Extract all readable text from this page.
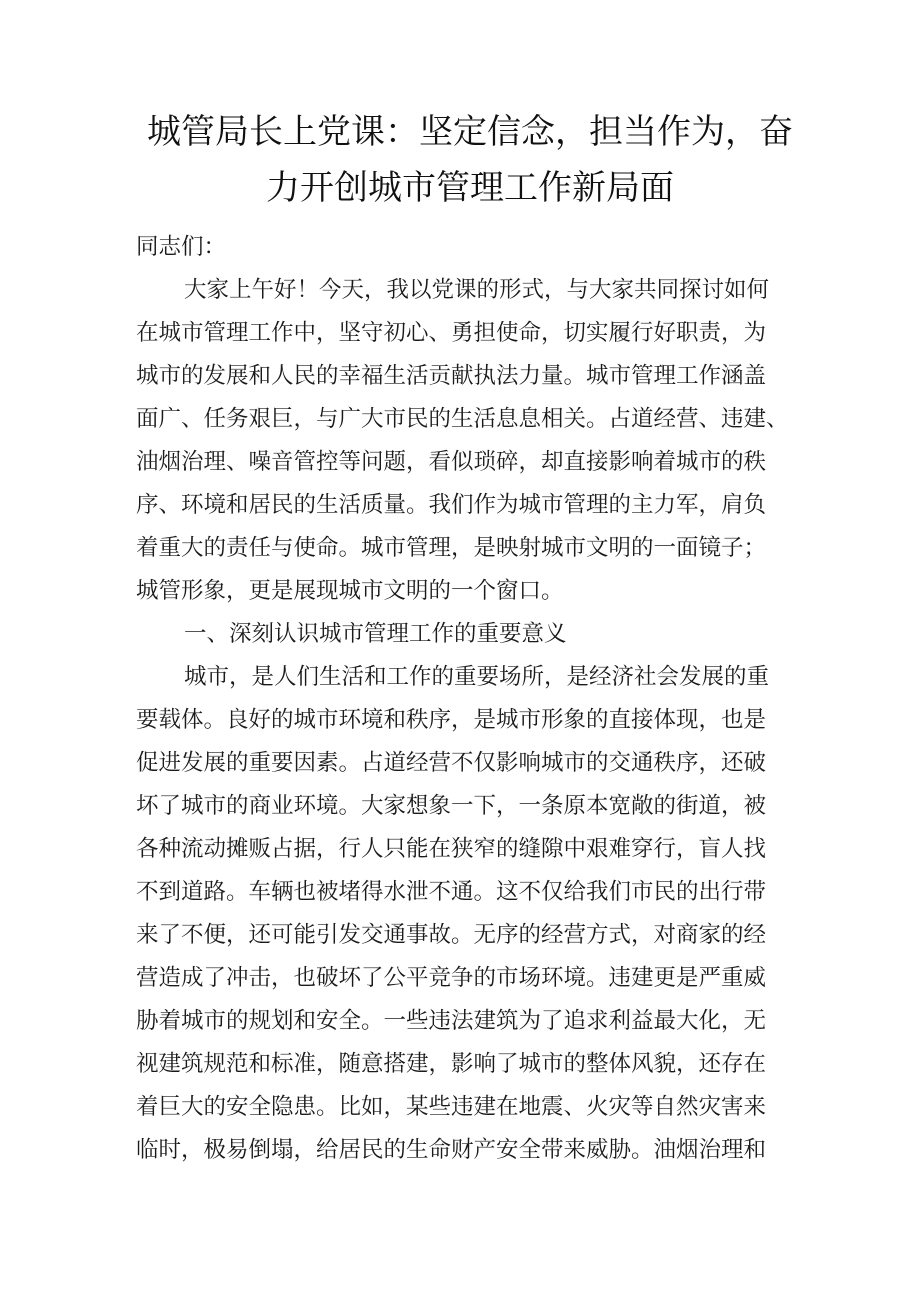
城管局长上党课：坚定信念，担当作为，奋
力开创城市管理工作新局面
同志们：
大家上午好！今天，我以党课的形式，与大家共同探讨如何
在城市管理工作中，坚守初心、勇担使命，切实履行好职责，为
城市的发展和人民的幸福生活贡献执法力量。城市管理工作涵盖
面广、任务艰巨，与广大市民的生活息息相关。占道经营、违建、
油烟治理、噪音管控等问题，看似琐碎，却直接影响着城市的秩
序、环境和居民的生活质量。我们作为城市管理的主力军，肩负
着重大的责任与使命。城市管理，是映射城市文明的一面镜子；
城管形象，更是展现城市文明的一个窗口。
一、深刻认识城市管理工作的重要意义
城市，是人们生活和工作的重要场所，是经济社会发展的重
要载体。良好的城市环境和秩序，是城市形象的直接体现，也是
促进发展的重要因素。占道经营不仅影响城市的交通秩序，还破
坏了城市的商业环境。大家想象一下，一条原本宽敞的街道，被
各种流动摊贩占据，行人只能在狭窄的缝隙中艰难穿行，盲人找
不到道路。车辆也被堵得水泄不通。这不仅给我们市民的出行带
来了不便，还可能引发交通事故。无序的经营方式，对商家的经
营造成了冲击，也破坏了公平竞争的市场环境。违建更是严重威
胁着城市的规划和安全。一些违法建筑为了追求利益最大化，无
视建筑规范和标准，随意搭建，影响了城市的整体风貌，还存在
着巨大的安全隐患。比如，某些违建在地震、火灾等自然灾害来
临时，极易倒塌，给居民的生命财产安全带来威胁。油烟治理和
